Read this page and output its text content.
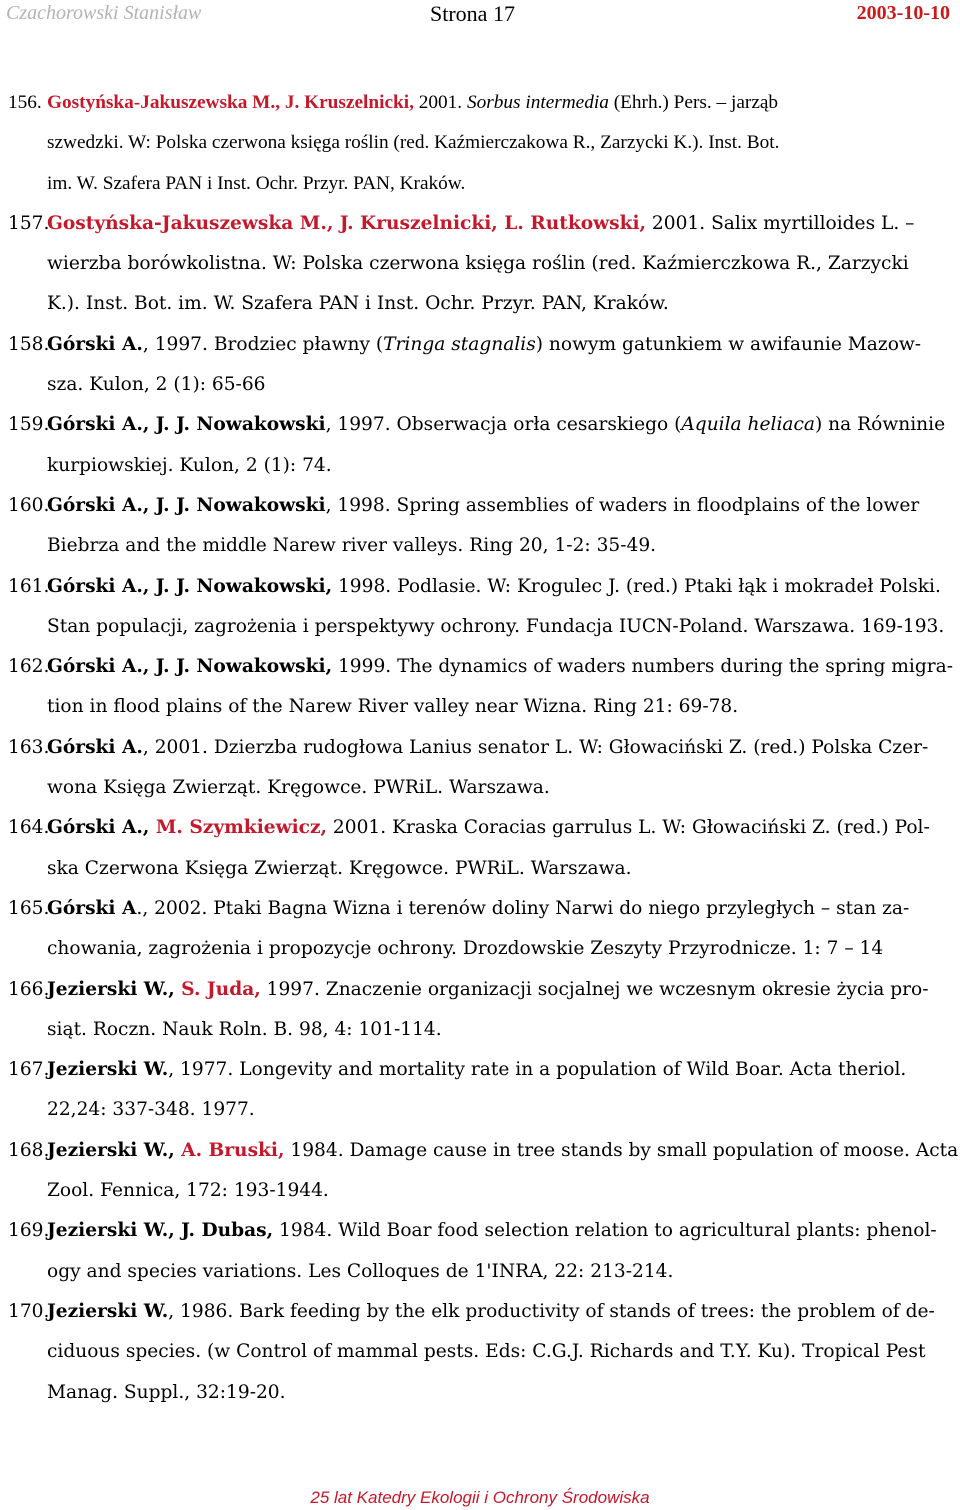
Czachorowski Stanisław	Strona 17	2003-10-10
156. Gostyńska-Jakuszewska M., J. Kruszelnicki, 2001. Sorbus intermedia (Ehrh.) Pers. – jarząb
szwedzki. W: Polska czerwona księga roślin (red. Kaźmierczakowa R., Zarzycki K.). Inst. Bot.
im. W. Szafera PAN i Inst. Ochr. Przyr. PAN, Kraków.
157.
Gostyńska-Jakuszewska M., J. Kruszelnicki, L. Rutkowski, 2001. Salix myrtilloides L. –
wierzba borówkolistna. W: Polska czerwona księga roślin (red. Kaźmierczkowa R., Zarzycki
K.). Inst. Bot. im. W. Szafera PAN i Inst. Ochr. Przyr. PAN, Kraków.
158.
Górski A., 1997. Brodziec pławny (Tringa stagnalis) nowym gatunkiem w awifaunie Mazow-
sza. Kulon, 2 (1): 65-66
159.
Górski A., J. J. Nowakowski, 1997. Obserwacja orła cesarskiego (Aquila heliaca) na Równinie
kurpiowskiej. Kulon, 2 (1): 74.
160.
Górski A., J. J. Nowakowski, 1998. Spring assemblies of waders in floodplains of the lower
Biebrza and the middle Narew river valleys. Ring 20, 1-2: 35-49.
161.
Górski A., J. J. Nowakowski, 1998. Podlasie. W: Krogulec J. (red.) Ptaki łąk i mokradeł Polski.
Stan populacji, zagrożenia i perspektywy ochrony. Fundacja IUCN-Poland. Warszawa. 169-193.
162.
Górski A., J. J. Nowakowski, 1999. The dynamics of waders numbers during the spring migra-
tion in flood plains of the Narew River valley near Wizna. Ring 21: 69-78.
163.
Górski A., 2001. Dzierzba rudogłowa Lanius senator L. W: Głowaciński Z. (red.) Polska Czer-
wona Księga Zwierząt. Kręgowce. PWRiL. Warszawa.
164.
Górski A., M. Szymkiewicz, 2001. Kraska Coracias garrulus L. W: Głowaciński Z. (red.) Pol-
ska Czerwona Księga Zwierząt. Kręgowce. PWRiL. Warszawa.
165.
Górski A., 2002. Ptaki Bagna Wizna i terenów doliny Narwi do niego przyległych – stan za-
chowania, zagrożenia i propozycje ochrony. Drozdowskie Zeszyty Przyrodnicze. 1: 7 – 14
166.
Jezierski W., S. Juda, 1997. Znaczenie organizacji socjalnej we wczesnym okresie życia pro-
siąt. Roczn. Nauk Roln. B. 98, 4: 101-114.
167.
Jezierski W., 1977. Longevity and mortality rate in a population of Wild Boar. Acta theriol.
22,24: 337-348. 1977.
168.
Jezierski W., A. Bruski, 1984. Damage cause in tree stands by small population of moose. Acta
Zool. Fennica, 172: 193-1944.
169.
Jezierski W., J. Dubas, 1984. Wild Boar food selection relation to agricultural plants: phenol-
ogy and species variations. Les Colloques de 1'INRA, 22: 213-214.
170.
Jezierski W., 1986. Bark feeding by the elk productivity of stands of trees: the problem of de-
ciduous species. (w Control of mammal pests. Eds: C.G.J. Richards and T.Y. Ku). Tropical Pest
Manag. Suppl., 32:19-20.
25 lat Katedry Ekologii i Ochrony Środowiska
